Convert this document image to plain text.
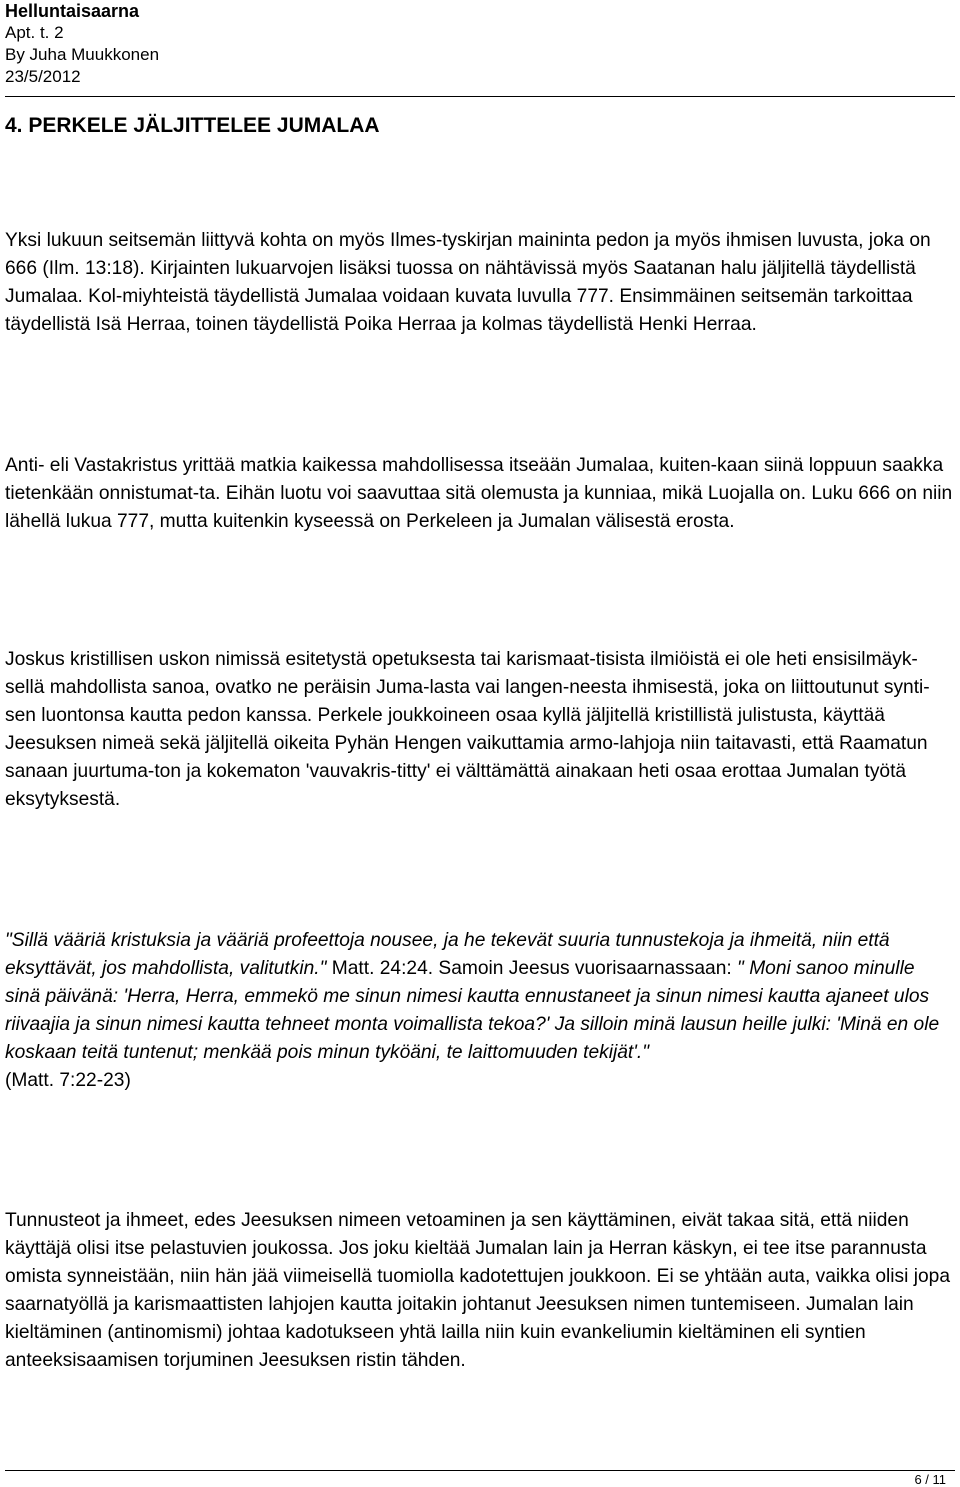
Helluntaisaarna
Apt. t. 2
By Juha Muukkonen
23/5/2012
4. PERKELE JÄLJITTELEE JUMALAA

Yksi lukuun seitsemän liittyvä kohta on myös Ilmes-tyskirjan maininta pedon ja myös ihmisen luvusta, joka on 666 (Ilm. 13:18). Kirjainten lukuarvojen lisäksi tuossa on nähtävissä myös Saatanan halu jäljitellä täydellistä Jumalaa. Kol-miyhteistä täydellistä Jumalaa voidaan kuvata luvulla 777. Ensimmäinen seitsemän tarkoittaa täydellistä Isä Herraa, toinen täydellistä Poika Herraa ja kolmas täydellistä Henki Herraa.

Anti- eli Vastakristus yrittää matkia kaikessa mahdollisessa itseään Jumalaa, kuiten-kaan siinä loppuun saakka tietenkään onnistumat-ta. Eihän luotu voi saavuttaa sitä olemusta ja kunniaa, mikä Luojalla on. Luku 666 on niin lähellä lukua 777, mutta kuitenkin kyseessä on Perkeleen ja Jumalan välisestä erosta.

Joskus kristillisen uskon nimissä esitetystä opetuksesta tai karismaat-tisista ilmiöistä ei ole heti ensisilmäyk-sellä mahdollista sanoa, ovatko ne peräisin Juma-lasta vai langen-neesta ihmisestä, joka on liittoutunut synti-sen luontonsa kautta pedon kanssa. Perkele joukkoineen osaa kyllä jäljitellä kristillistä julistusta, käyttää Jeesuksen nimeä sekä jäljitellä oikeita Pyhän Hengen vaikuttamia armo-lahjoja niin taitavasti, että Raamatun sanaan juurtuma-ton ja kokematon 'vauvakris-titty' ei välttämättä ainakaan heti osaa erottaa Jumalan työtä eksytyksestä.

"Sillä vääriä kristuksia ja vääriä profeettoja nousee, ja he tekevät suuria tunnustekoja ja ihmeitä, niin että eksyttävät, jos mahdollista, valitutkin." Matt. 24:24. Samoin Jeesus vuorisaarnassaan: " Moni sanoo minulle sinä päivänä: 'Herra, Herra, emmekö me sinun nimesi kautta ennustaneet ja sinun nimesi kautta ajaneet ulos riivaajia ja sinun nimesi kautta tehneet monta voimallista tekoa?' Ja silloin minä lausun heille julki: 'Minä en ole koskaan teitä tuntenut; menkää pois minun tyköäni, te laittomuuden tekijät'."
(Matt. 7:22-23)

Tunnusteot ja ihmeet, edes Jeesuksen nimeen vetoaminen ja sen käyttäminen, eivät takaa sitä, että niiden käyttäjä olisi itse pelastuvien joukossa. Jos joku kieltää Jumalan lain ja Herran käskyn, ei tee itse parannusta omista synneistään, niin hän jää viimeisellä tuomiolla kadotettujen joukkoon. Ei se yhtään auta, vaikka olisi jopa saarnatyöllä ja karismaattisten lahjojen kautta joitakin johtanut Jeesuksen nimen tuntemiseen. Jumalan lain kieltäminen (antinomismi) johtaa kadotukseen yhtä lailla niin kuin evankeliumin kieltäminen eli syntien anteeksisaamisen torjuminen Jeesuksen ristin tähden.

6 / 11
